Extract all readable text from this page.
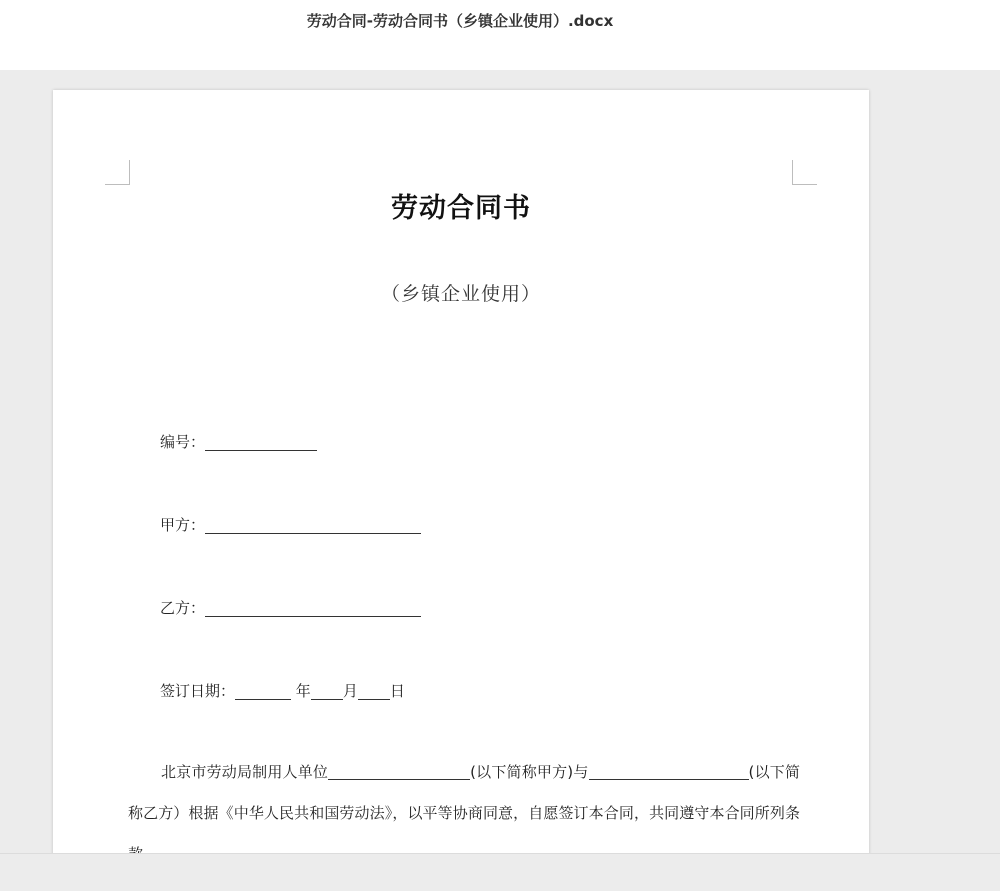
劳动合同-劳动合同书（乡镇企业使用）.docx
劳动合同书
（乡镇企业使用）
编号：
甲方：
乙方：
签订日期：	年 月 日
北京市劳动局制用人单位	(以下简称甲方)与	(以下简称乙方）根据《中华人民共和国劳动法》，以平等协商同意，自愿签订本合同，共同遵守本合同所列条
